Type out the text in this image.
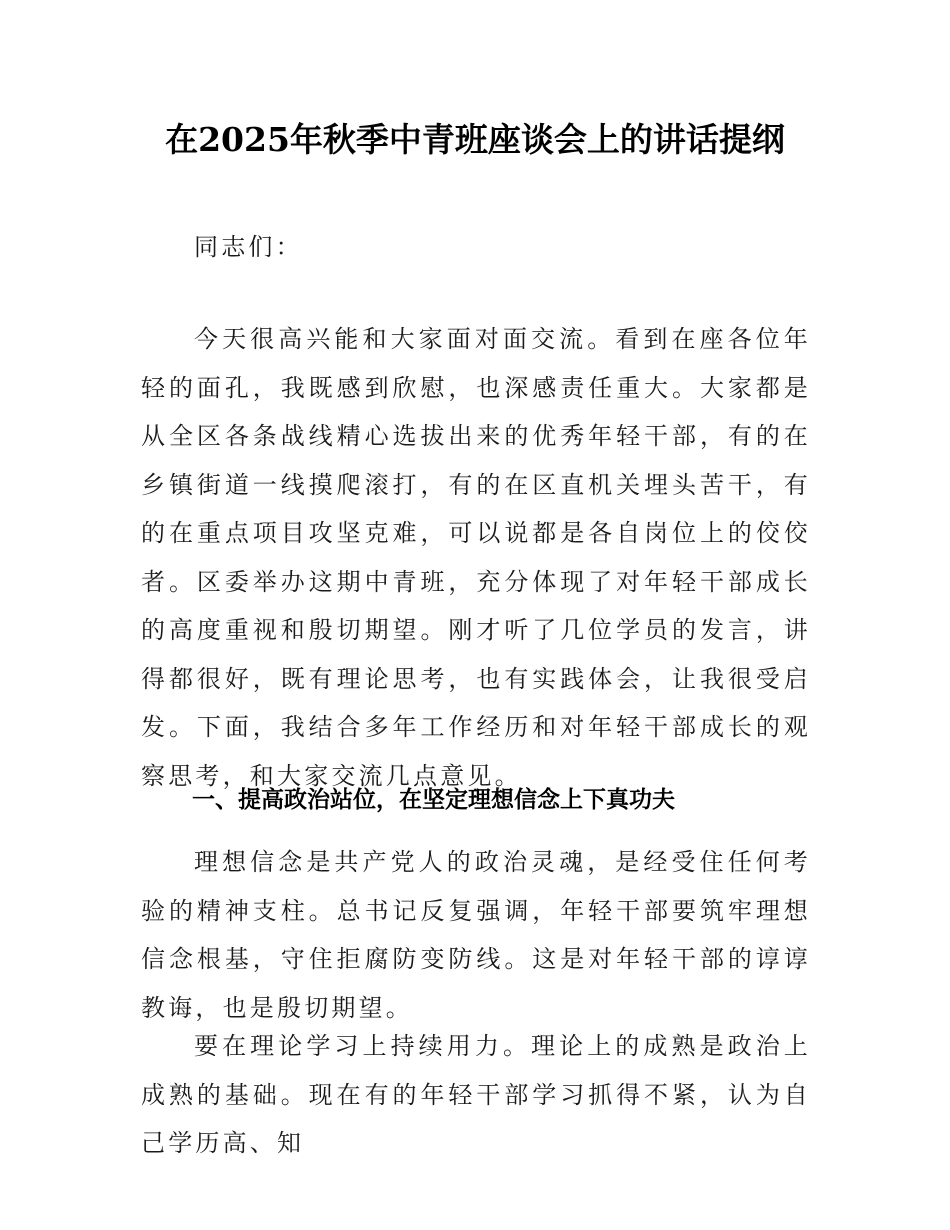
在2025年秋季中青班座谈会上的讲话提纲

同志们：

今天很高兴能和大家面对面交流。看到在座各位年轻的面孔，我既感到欣慰，也深感责任重大。大家都是从全区各条战线精心选拔出来的优秀年轻干部，有的在乡镇街道一线摸爬滚打，有的在区直机关埋头苦干，有的在重点项目攻坚克难，可以说都是各自岗位上的佼佼者。区委举办这期中青班，充分体现了对年轻干部成长的高度重视和殷切期望。刚才听了几位学员的发言，讲得都很好，既有理论思考，也有实践体会，让我很受启发。下面，我结合多年工作经历和对年轻干部成长的观察思考，和大家交流几点意见。

一、提高政治站位，在坚定理想信念上下真功夫

理想信念是共产党人的政治灵魂，是经受住任何考验的精神支柱。总书记反复强调，年轻干部要筑牢理想信念根基，守住拒腐防变防线。这是对年轻干部的谆谆教诲，也是殷切期望。

要在理论学习上持续用力。理论上的成熟是政治上成熟的基础。现在有的年轻干部学习抓得不紧，认为自己学历高、知
